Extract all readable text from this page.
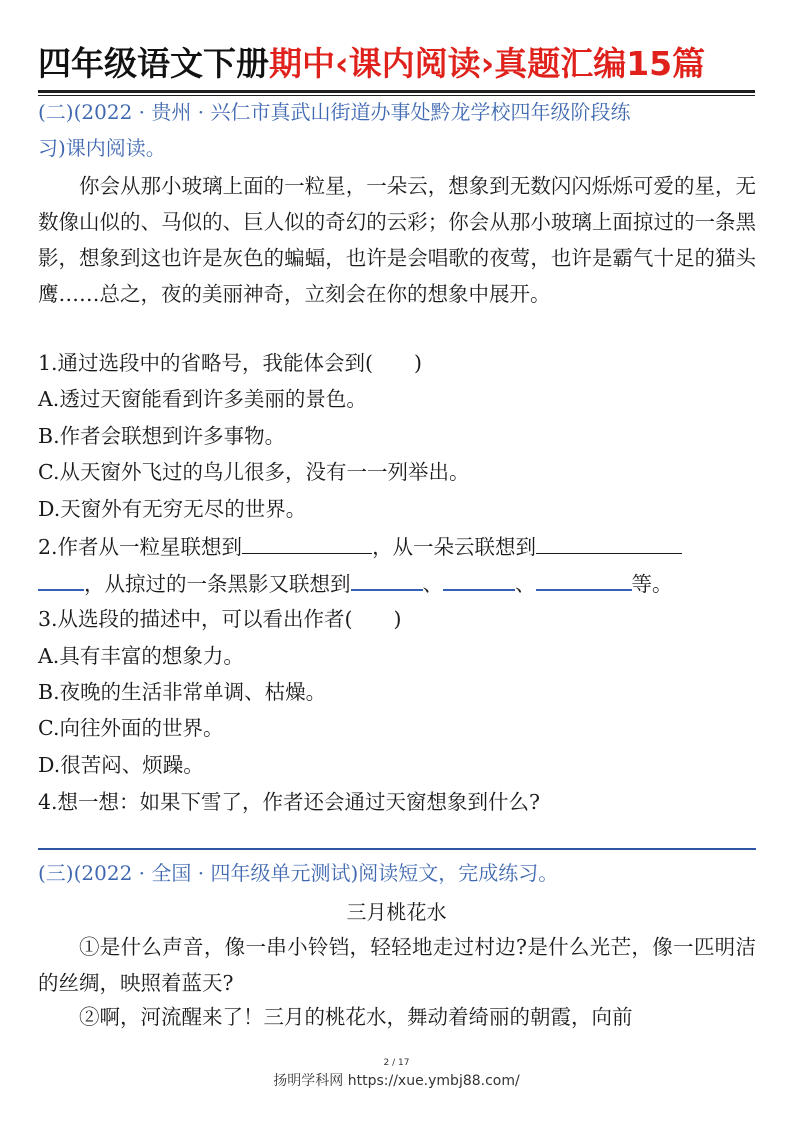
四年级语文下册期中‹课内阅读›真题汇编15篇
(二)(2022 · 贵州 · 兴仁市真武山街道办事处黔龙学校四年级阶段练
习)课内阅读。
你会从那小玻璃上面的一粒星，一朵云，想象到无数闪闪烁烁可爱的星，无数像山似的、马似的、巨人似的奇幻的云彩；你会从那小玻璃上面掠过的一条黑影，想象到这也许是灰色的蝙蝠，也许是会唱歌的夜莺，也许是霸气十足的猫头鹰……总之，夜的美丽神奇，立刻会在你的想象中展开。
1.通过选段中的省略号，我能体会到(　　)
A.透过天窗能看到许多美丽的景色。
B.作者会联想到许多事物。
C.从天窗外飞过的鸟儿很多，没有一一列举出。
D.天窗外有无穷无尽的世界。
2.作者从一粒星联想到	，从一朵云联想到
，从掠过的一条黑影又联想到	、	、	等。
3.从选段的描述中，可以看出作者(　　)
A.具有丰富的想象力。
B.夜晚的生活非常单调、枯燥。
C.向往外面的世界。
D.很苦闷、烦躁。
4.想一想：如果下雪了，作者还会通过天窗想象到什么?
(三)(2022 · 全国 · 四年级单元测试)阅读短文，完成练习。
三月桃花水
①是什么声音，像一串小铃铛，轻轻地走过村边?是什么光芒，像一匹明洁的丝绸，映照着蓝天?
②啊，河流醒来了！三月的桃花水，舞动着绮丽的朝霞，向前
2 / 17
扬明学科网 https://xue.ymbj88.com/
